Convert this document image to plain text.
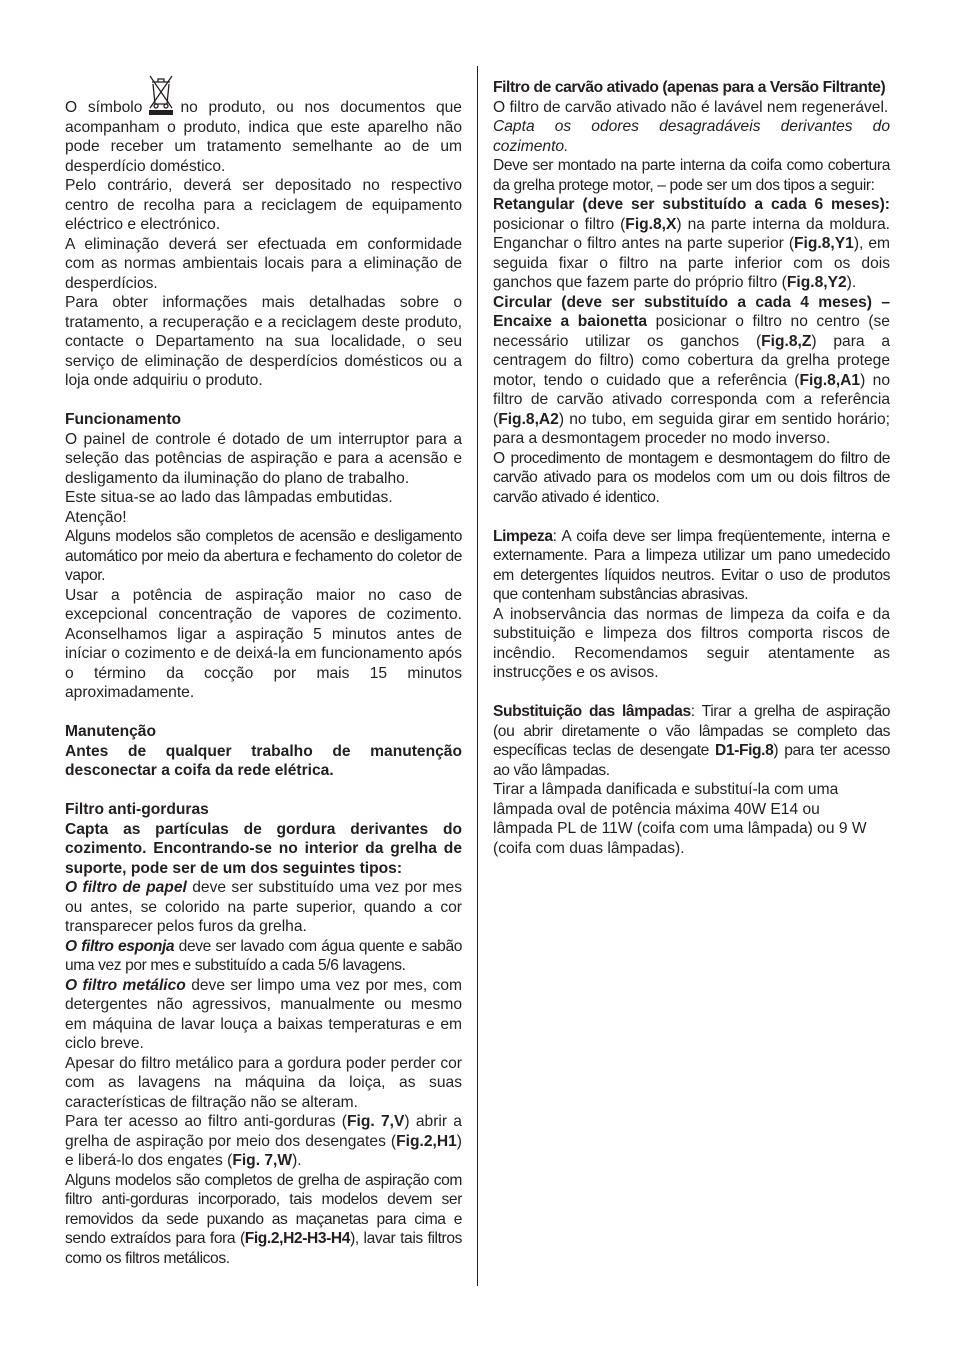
O símbolo no produto, ou nos documentos que acompanham o produto, indica que este aparelho não pode receber um tratamento semelhante ao de um desperdício doméstico.

Pelo contrário, deverá ser depositado no respectivo centro de recolha para a reciclagem de equipamento eléctrico e electrónico.

A eliminação deverá ser efectuada em conformidade com as normas ambientais locais para a eliminação de desperdícios.

Para obter informações mais detalhadas sobre o tratamento, a recuperação e a reciclagem deste produto, contacte o Departamento na sua localidade, o seu serviço de eliminação de desperdícios domésticos ou a loja onde adquiriu o produto.

Funcionamento

O painel de controle é dotado de um interruptor para a seleção das potências de aspiração e para a acensão e desligamento da iluminação do plano de trabalho.

Este situa-se ao lado das lâmpadas embutidas.

Atenção!

Alguns modelos são completos de acensão e desligamento automático por meio da abertura e fechamento do coletor de vapor.

Usar a potência de aspiração maior no caso de excepcional concentração de vapores de cozimento. Aconselhamos ligar a aspiração 5 minutos antes de iníciar o cozimento e de deixá-la em funcionamento após o término da cocção por mais 15 minutos aproximadamente.

Manutenção

Antes de qualquer trabalho de manutenção desconectar a coifa da rede elétrica.

Filtro anti-gorduras

Capta as partículas de gordura derivantes do cozimento. Encontrando-se no interior da grelha de suporte, pode ser de um dos seguintes tipos:

O filtro de papel deve ser substituído uma vez por mes ou antes, se colorido na parte superior, quando a cor transparecer pelos furos da grelha.

O filtro esponja deve ser lavado com água quente e sabão uma vez por mes e substituído a cada 5/6 lavagens.

O filtro metálico deve ser limpo uma vez por mes, com detergentes não agressivos, manualmente ou mesmo em máquina de lavar louça a baixas temperaturas e em ciclo breve.

Apesar do filtro metálico para a gordura poder perder cor com as lavagens na máquina da loiça, as suas características de filtração não se alteram.

Para ter acesso ao filtro anti-gorduras (Fig. 7,V) abrir a grelha de aspiração por meio dos desengates (Fig.2,H1) e liberá-lo dos engates (Fig. 7,W).

Alguns modelos são completos de grelha de aspiração com filtro anti-gorduras incorporado, tais modelos devem ser removidos da sede puxando as maçanetas para cima e sendo extraídos para fora (Fig.2,H2-H3-H4), lavar tais filtros como os filtros metálicos.

Filtro de carvão ativado (apenas para a Versão Filtrante)

O filtro de carvão ativado não é lavável nem regenerável.

Capta os odores desagradáveis derivantes do cozimento.

Deve ser montado na parte interna da coifa como cobertura da grelha protege motor, – pode ser um dos tipos a seguir:

Retangular (deve ser substituído a cada 6 meses): posicionar o filtro (Fig.8,X) na parte interna da moldura. Enganchar o filtro antes na parte superior (Fig.8,Y1), em seguida fixar o filtro na parte inferior com os dois ganchos que fazem parte do próprio filtro (Fig.8,Y2).

Circular (deve ser substituído a cada 4 meses) – Encaixe a baionetta posicionar o filtro no centro (se necessário utilizar os ganchos (Fig.8,Z) para a centragem do filtro) como cobertura da grelha protege motor, tendo o cuidado que a referência (Fig.8,A1) no filtro de carvão ativado corresponda com a referência (Fig.8,A2) no tubo, em seguida girar em sentido horário; para a desmontagem proceder no modo inverso.

O procedimento de montagem e desmontagem do filtro de carvão ativado para os modelos com um ou dois filtros de carvão ativado é identico.

Limpeza: A coifa deve ser limpa freqüentemente, interna e externamente. Para a limpeza utilizar um pano umedecido em detergentes líquidos neutros. Evitar o uso de produtos que contenham substâncias abrasivas.

A inobservância das normas de limpeza da coifa e da substituição e limpeza dos filtros comporta riscos de incêndio. Recomendamos seguir atentamente as instrucções e os avisos.

Substituição das lâmpadas: Tirar a grelha de aspiração (ou abrir diretamente o vão lâmpadas se completo das específicas teclas de desengate D1-Fig.8) para ter acesso ao vão lâmpadas.

Tirar a lâmpada danificada e substituí-la com uma

lâmpada oval de potência máxima 40W E14 ou

lâmpada PL de 11W (coifa com uma lâmpada) ou 9 W

(coifa com duas lâmpadas).
